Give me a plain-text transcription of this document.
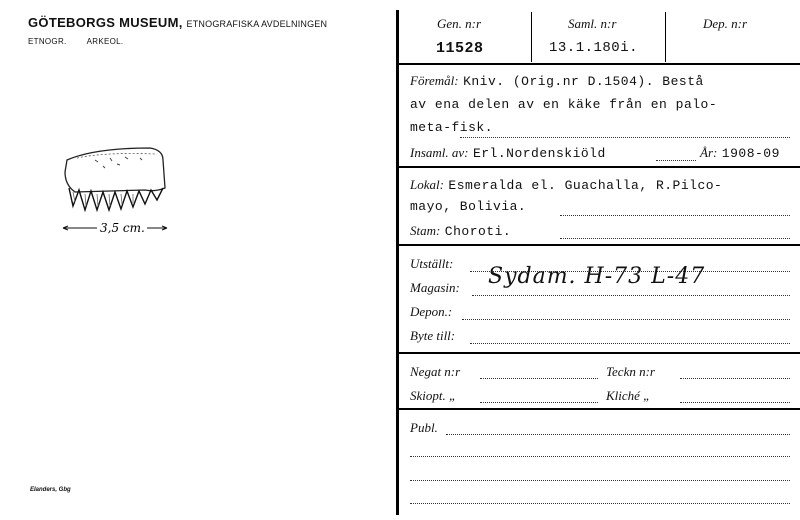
GÖTEBORGS MUSEUM, ETNOGRAFISKA AVDELNINGEN
ETNOGR.	ARKEOL.
3,5 cm.
Elanders, Gbg
Gen. n:r
11528
Saml. n:r
13.1.180i.
Dep. n:r
Föremål: Kniv. (Orig.nr D.1504). Bestå
av ena delen av en käke från en palo-
meta-fisk.
Insaml. av: Erl.Nordenskiöld	År: 1908-09
Lokal: Esmeralda el. Guachalla, R.Pilco-
mayo, Bolivia.
Stam: Choroti.
Utställt:
Magasin: Sydam. H-73 L-47
Depon.:
Byte till:
Negat n:r	Teckn n:r
Skiopt. „	Kliché „
Publ.
